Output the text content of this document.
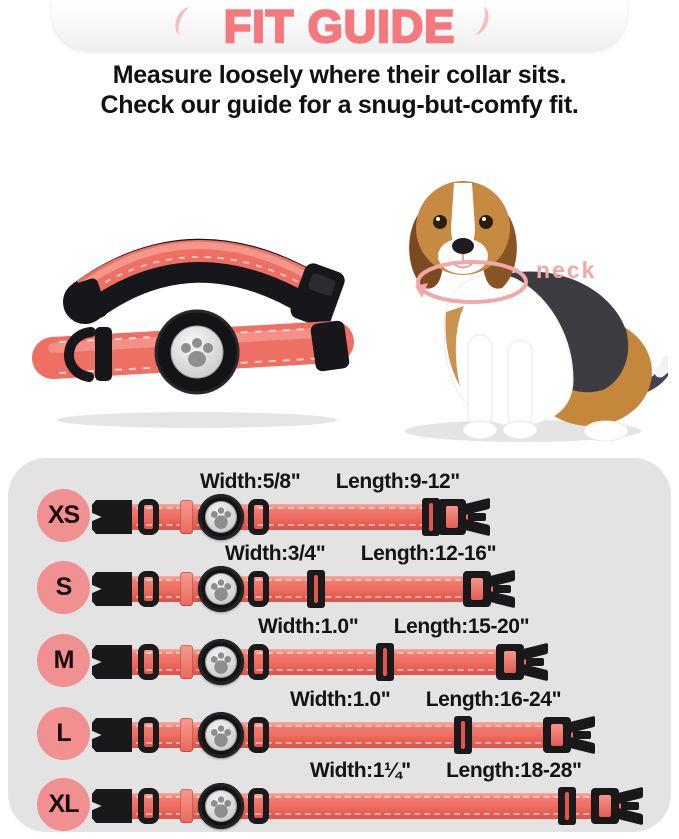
FIT GUIDE
Measure loosely where their collar sits.
Check our guide for a snug-but-comfy fit.
neck
Width:5/8" Length:9-12"
XS
Width:3/4" Length:12-16"
S
Width:1.0" Length:15-20"
M
Width:1.0" Length:16-24"
L
Width:1¼" Length:18-28"
XL
